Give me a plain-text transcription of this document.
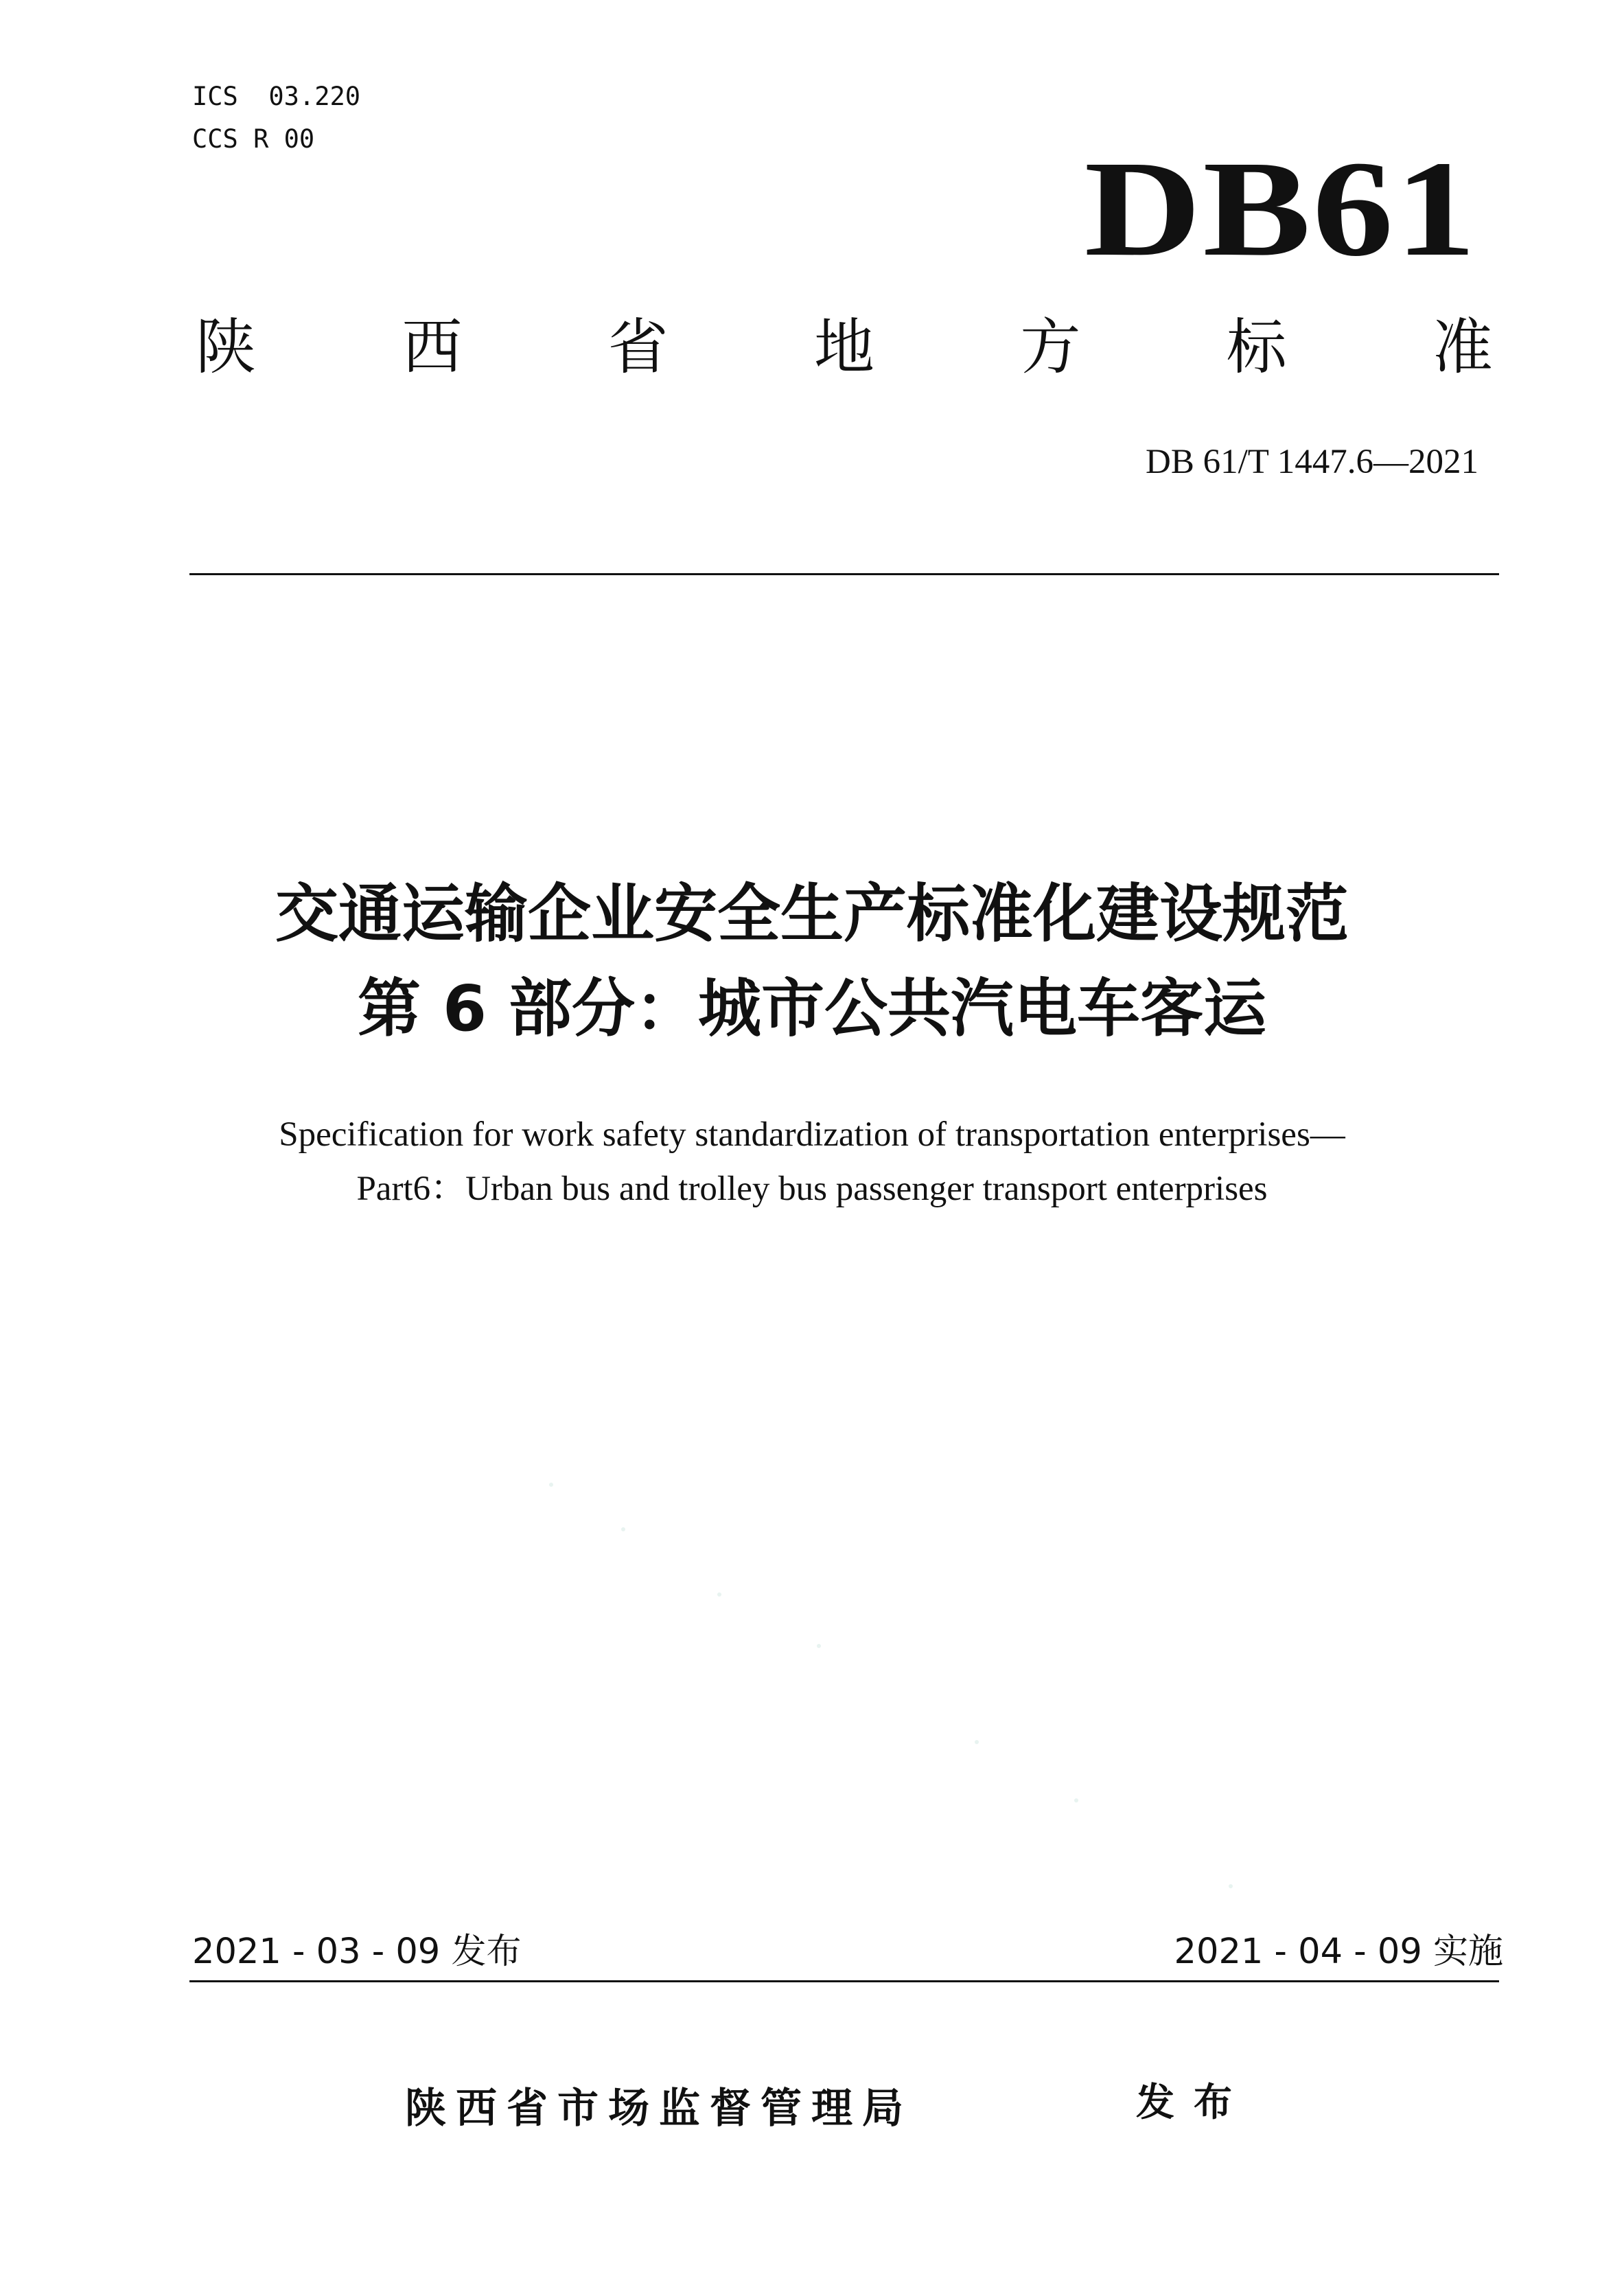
ICS  03.220
CCS R 00	DB61
陕 西 省 地 方 标 准
DB 61/T 1447.6—2021
交通运输企业安全生产标准化建设规范
第 6 部分：城市公共汽电车客运
Specification for work safety standardization of transportation enterprises—
Part6：Urban bus and trolley bus passenger transport enterprises
2021 - 03 - 09 发布	2021 - 04 - 09 实施
陕西省市场监督管理局	发布
